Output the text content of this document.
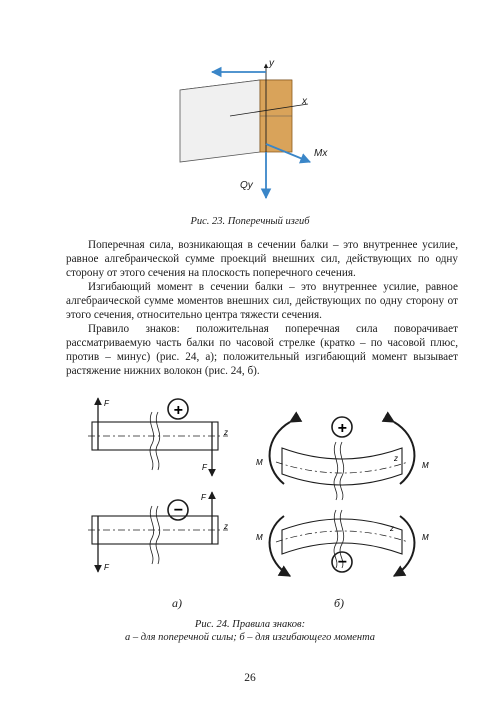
y
x
Mx
Qy
Рис. 23. Поперечный изгиб

Поперечная сила, возникающая в сечении балки – это внутреннее усилие, равное алгебраической сумме проекций внешних сил, действующих по одну сторону от этого сечения на плоскость поперечного сечения.

Изгибающий момент в сечении балки – это внутреннее усилие, равное алгебраической сумме моментов внешних сил, действующих по одну сторону от этого сечения, относительно центра тяжести сечения.

Правило знаков: положительная поперечная сила поворачивает рассматриваемую часть балки по часовой стрелке (кратко – по часовой плюс, против – минус) (рис. 24, а); положительный изгибающий момент вызывает растяжение нижних волокон (рис. 24, б).

F
F
z
+
F
F
z
−
M	M
z
+
M	M
z
−
а)	б)
Рис. 24. Правила знаков:
а – для поперечной силы; б – для изгибающего момента
26
